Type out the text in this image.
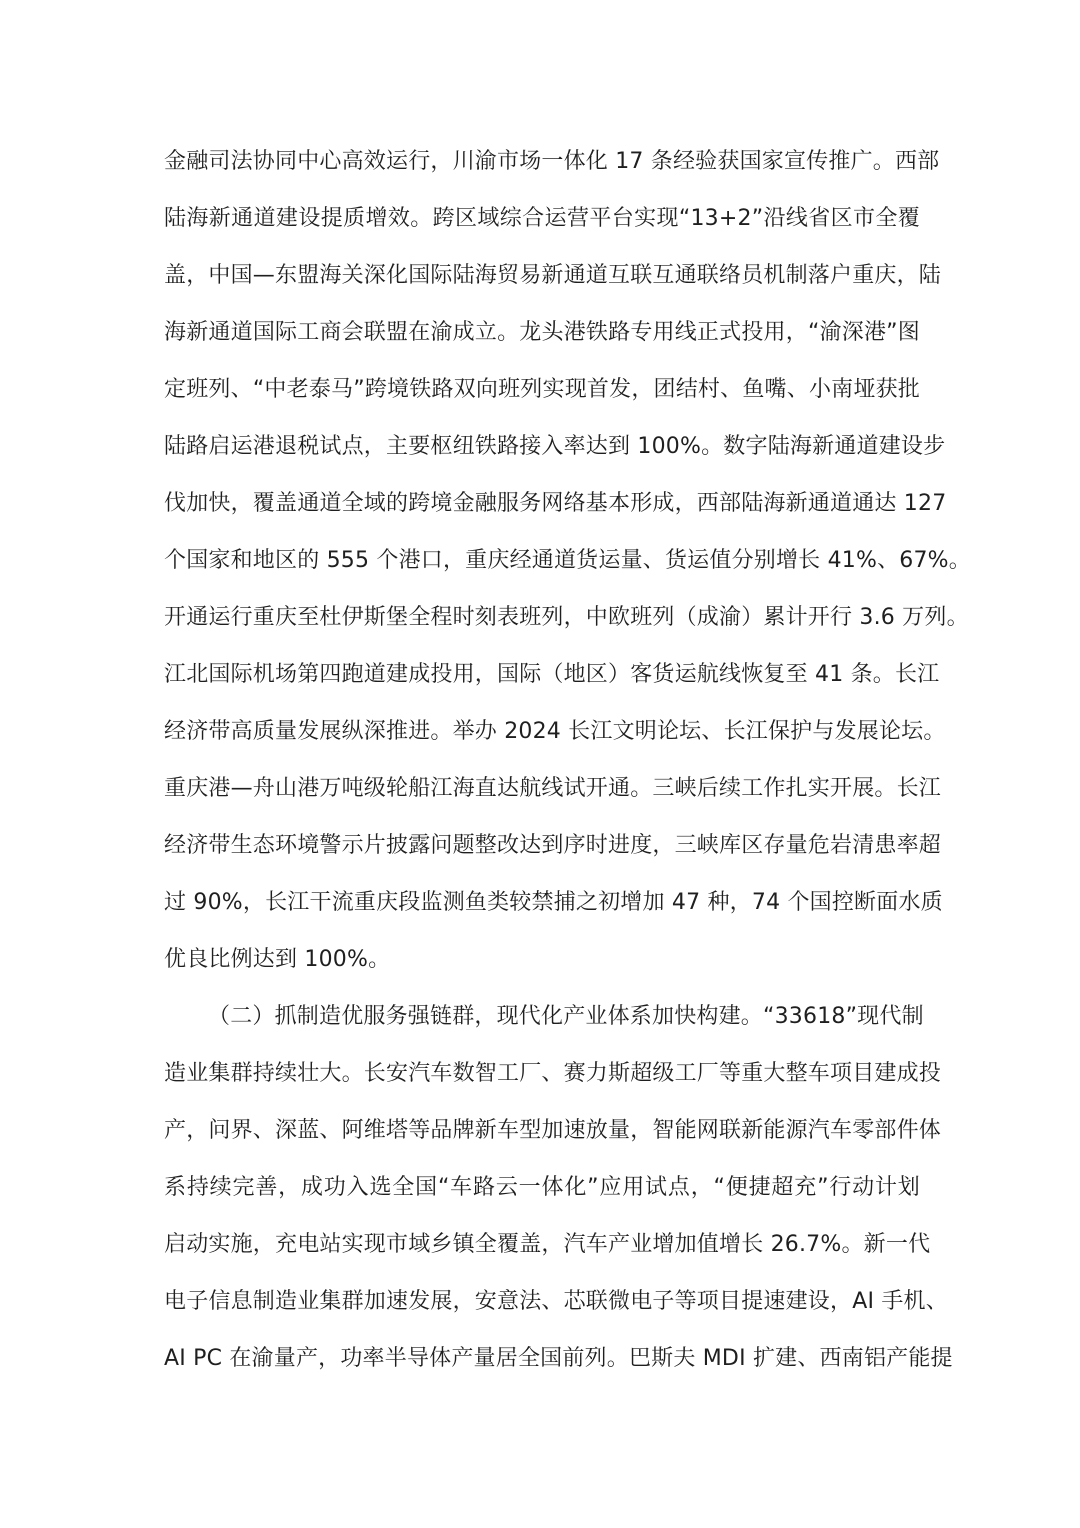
金融司法协同中心高效运行，川渝市场一体化 17 条经验获国家宣传推广。西部
陆海新通道建设提质增效。跨区域综合运营平台实现“13+2”沿线省区市全覆
盖，中国—东盟海关深化国际陆海贸易新通道互联互通联络员机制落户重庆，陆
海新通道国际工商会联盟在渝成立。龙头港铁路专用线正式投用，“渝深港”图
定班列、“中老泰马”跨境铁路双向班列实现首发，团结村、鱼嘴、小南垭获批
陆路启运港退税试点，主要枢纽铁路接入率达到 100%。数字陆海新通道建设步
伐加快，覆盖通道全域的跨境金融服务网络基本形成，西部陆海新通道通达 127
个国家和地区的 555 个港口，重庆经通道货运量、货运值分别增长 41%、67%。
开通运行重庆至杜伊斯堡全程时刻表班列，中欧班列（成渝）累计开行 3.6 万列。
江北国际机场第四跑道建成投用，国际（地区）客货运航线恢复至 41 条。长江
经济带高质量发展纵深推进。举办 2024 长江文明论坛、长江保护与发展论坛。
重庆港—舟山港万吨级轮船江海直达航线试开通。三峡后续工作扎实开展。长江
经济带生态环境警示片披露问题整改达到序时进度，三峡库区存量危岩清患率超
过 90%，长江干流重庆段监测鱼类较禁捕之初增加 47 种，74 个国控断面水质
优良比例达到 100%。
（二）抓制造优服务强链群，现代化产业体系加快构建。“33618”现代制
造业集群持续壮大。长安汽车数智工厂、赛力斯超级工厂等重大整车项目建成投
产，问界、深蓝、阿维塔等品牌新车型加速放量，智能网联新能源汽车零部件体
系持续完善，成功入选全国“车路云一体化”应用试点，“便捷超充”行动计划
启动实施，充电站实现市域乡镇全覆盖，汽车产业增加值增长 26.7%。新一代
电子信息制造业集群加速发展，安意法、芯联微电子等项目提速建设，AI 手机、
AI PC 在渝量产，功率半导体产量居全国前列。巴斯夫 MDI 扩建、西南铝产能提
